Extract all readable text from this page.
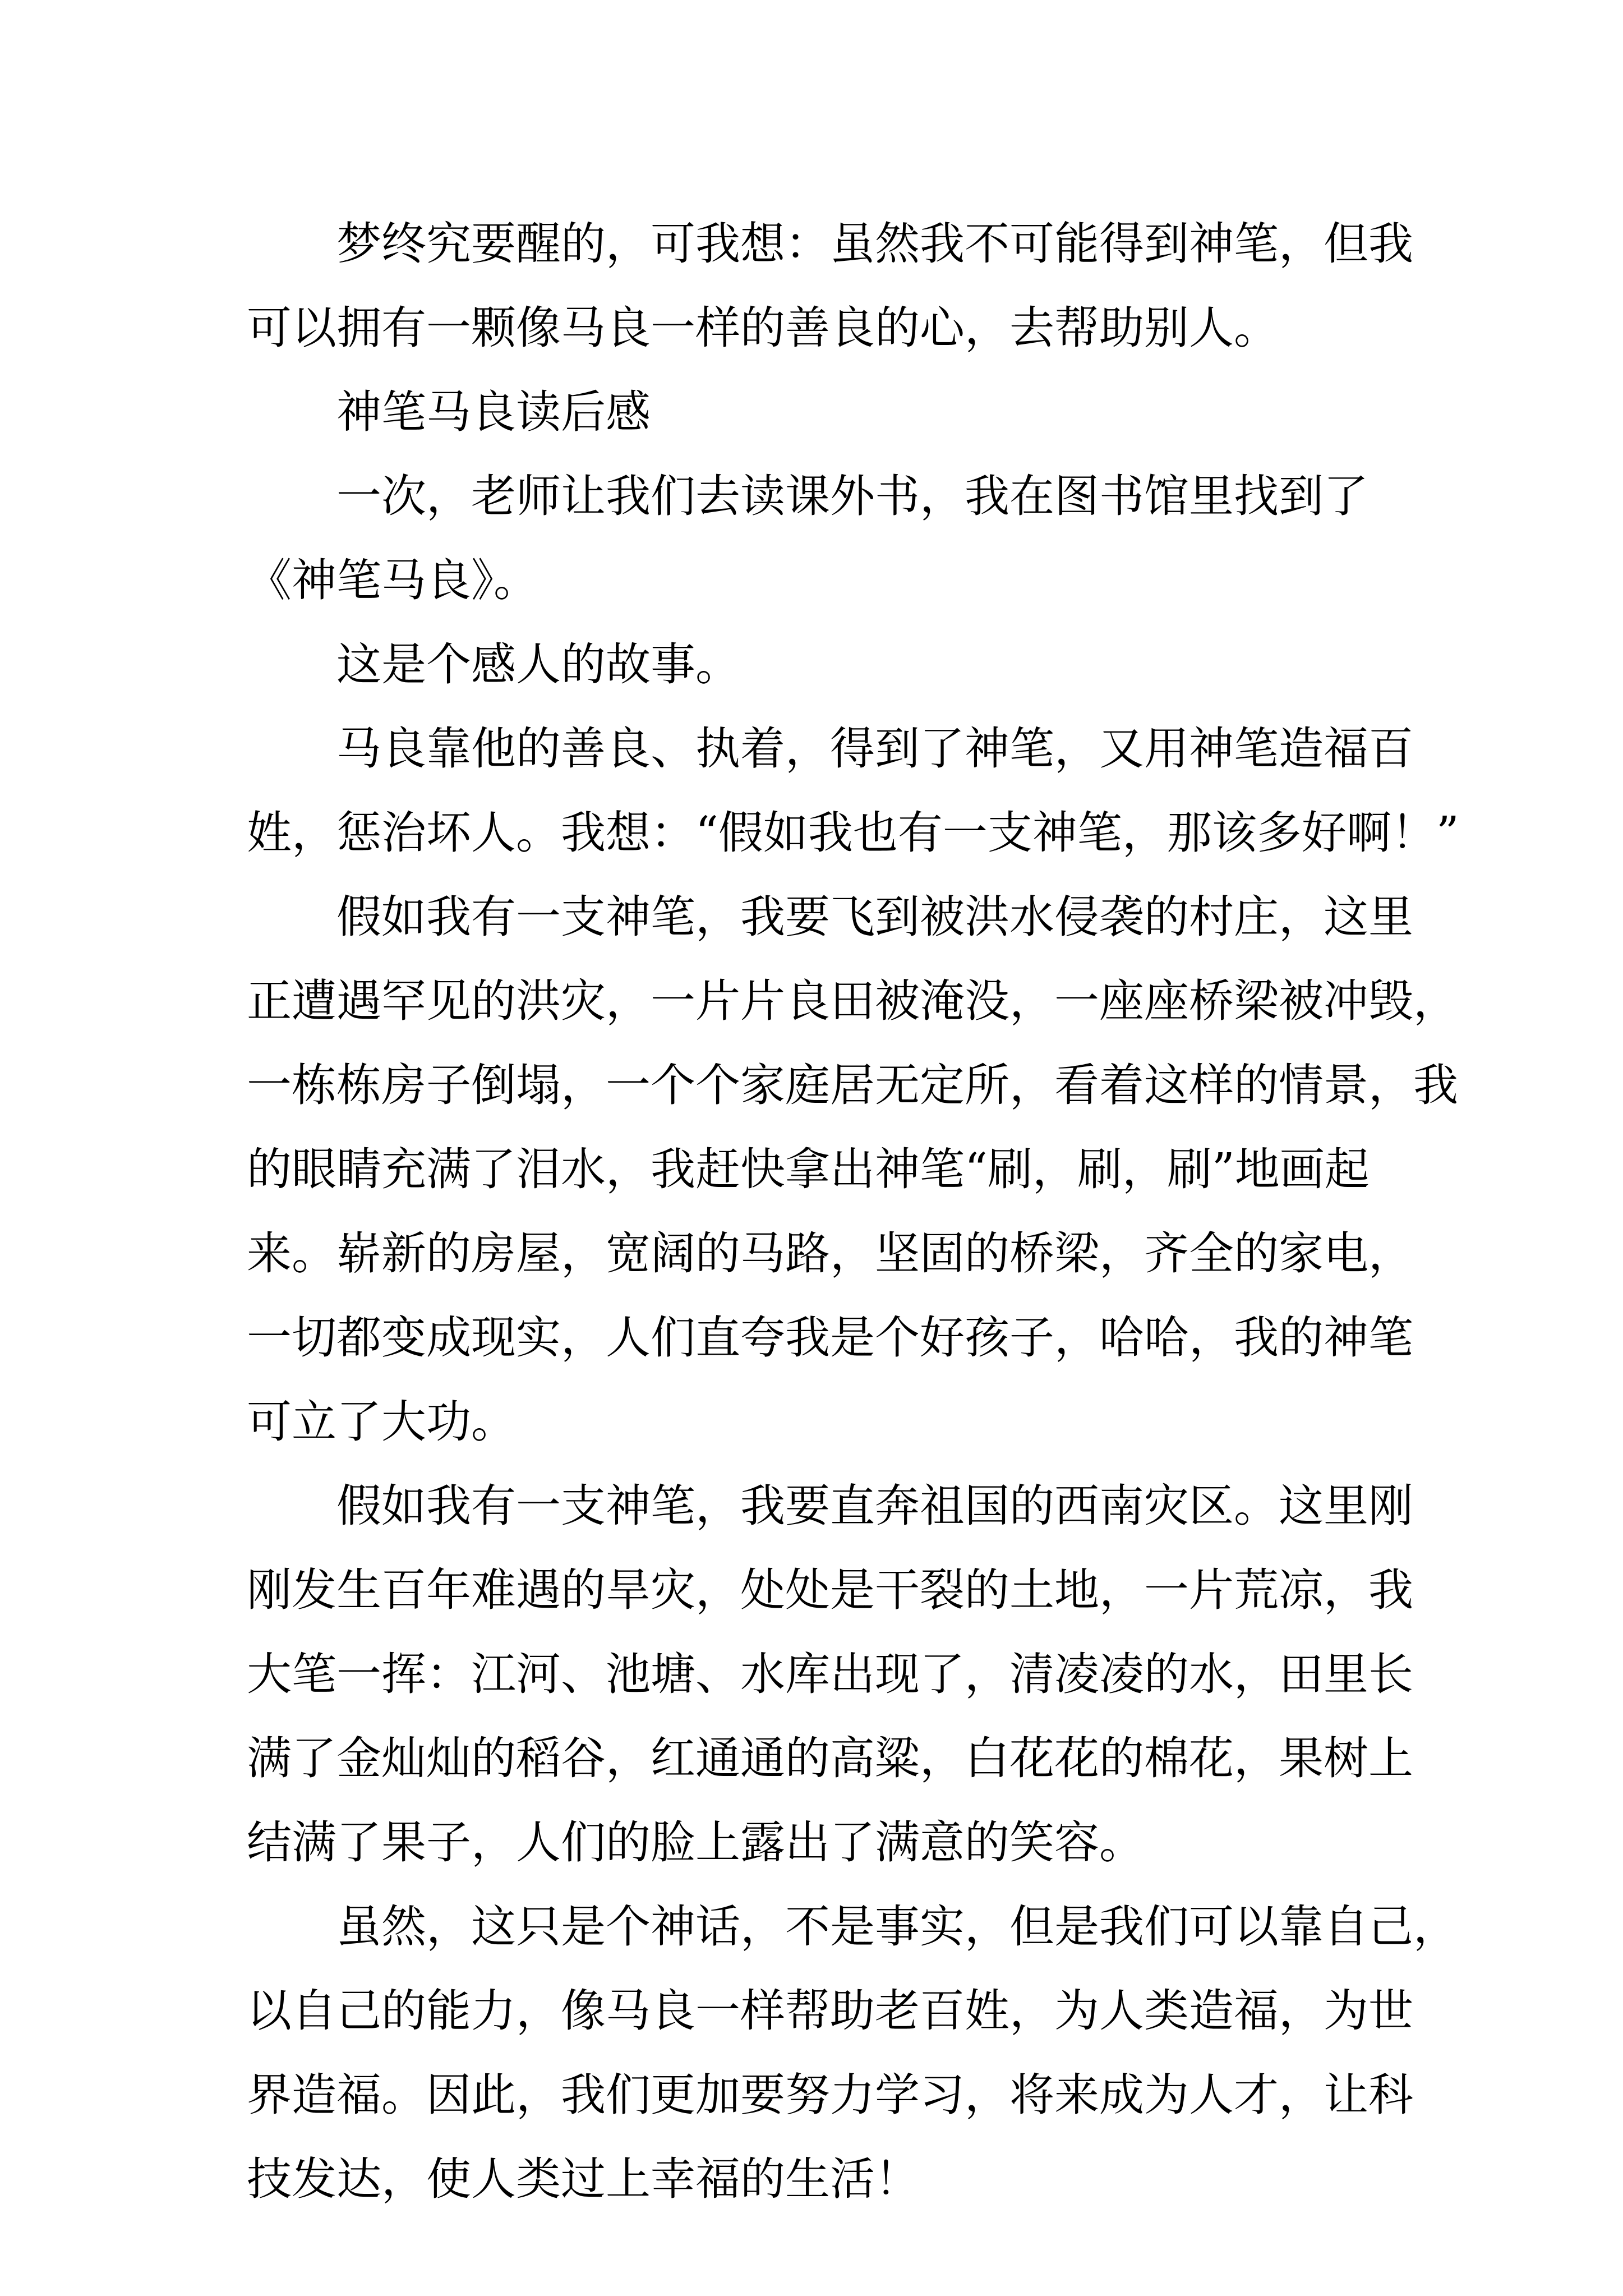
　　梦终究要醒的，可我想：虽然我不可能得到神笔，但我
可以拥有一颗像马良一样的善良的心，去帮助别人。
　　神笔马良读后感
　　一次，老师让我们去读课外书，我在图书馆里找到了
《神笔马良》。
　　这是个感人的故事。
　　马良靠他的善良、执着，得到了神笔，又用神笔造福百
姓，惩治坏人。我想：“假如我也有一支神笔，那该多好啊！”
　　假如我有一支神笔，我要飞到被洪水侵袭的村庄，这里
正遭遇罕见的洪灾，一片片良田被淹没，一座座桥梁被冲毁，
一栋栋房子倒塌，一个个家庭居无定所，看着这样的情景，我
的眼睛充满了泪水，我赶快拿出神笔“刷，刷，刷”地画起
来。崭新的房屋，宽阔的马路，坚固的桥梁，齐全的家电，
一切都变成现实，人们直夸我是个好孩子，哈哈，我的神笔
可立了大功。
　　假如我有一支神笔，我要直奔祖国的西南灾区。这里刚
刚发生百年难遇的旱灾，处处是干裂的土地，一片荒凉，我
大笔一挥：江河、池塘、水库出现了，清凌凌的水，田里长
满了金灿灿的稻谷，红通通的高粱，白花花的棉花，果树上
结满了果子，人们的脸上露出了满意的笑容。
　　虽然，这只是个神话，不是事实，但是我们可以靠自己，
以自己的能力，像马良一样帮助老百姓，为人类造福，为世
界造福。因此，我们更加要努力学习，将来成为人才，让科
技发达，使人类过上幸福的生活！
